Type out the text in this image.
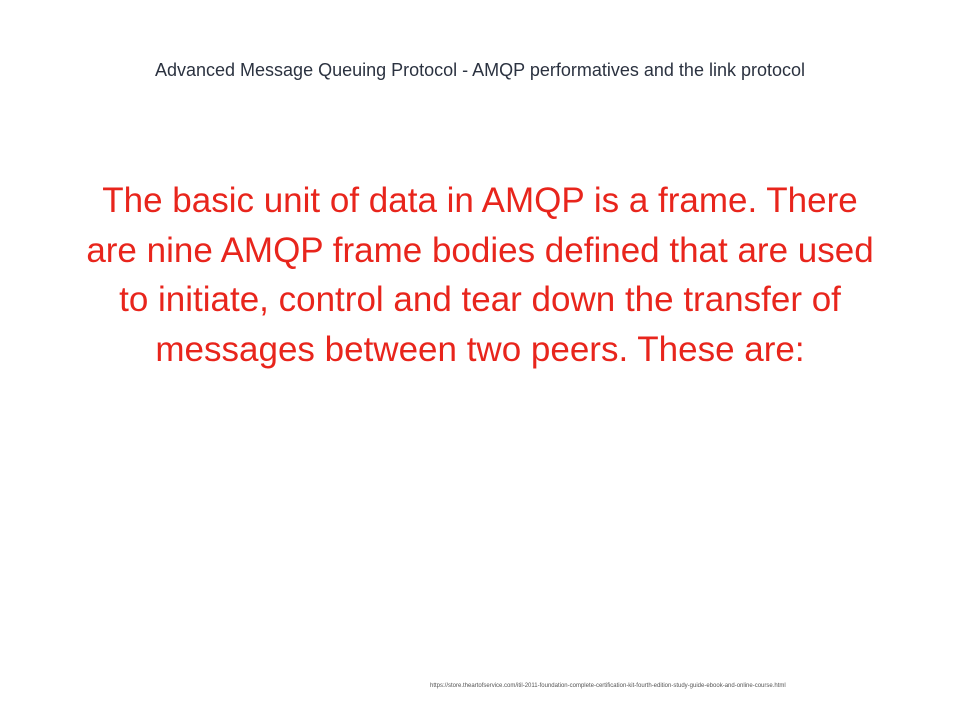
Advanced Message Queuing Protocol - AMQP performatives and the link protocol

The basic unit of data in AMQP is a frame. There are nine AMQP frame bodies defined that are used to initiate, control and tear down the transfer of messages between two peers. These are:

https://store.theartofservice.com/itil-2011-foundation-complete-certification-kit-fourth-edition-study-guide-ebook-and-online-course.html
